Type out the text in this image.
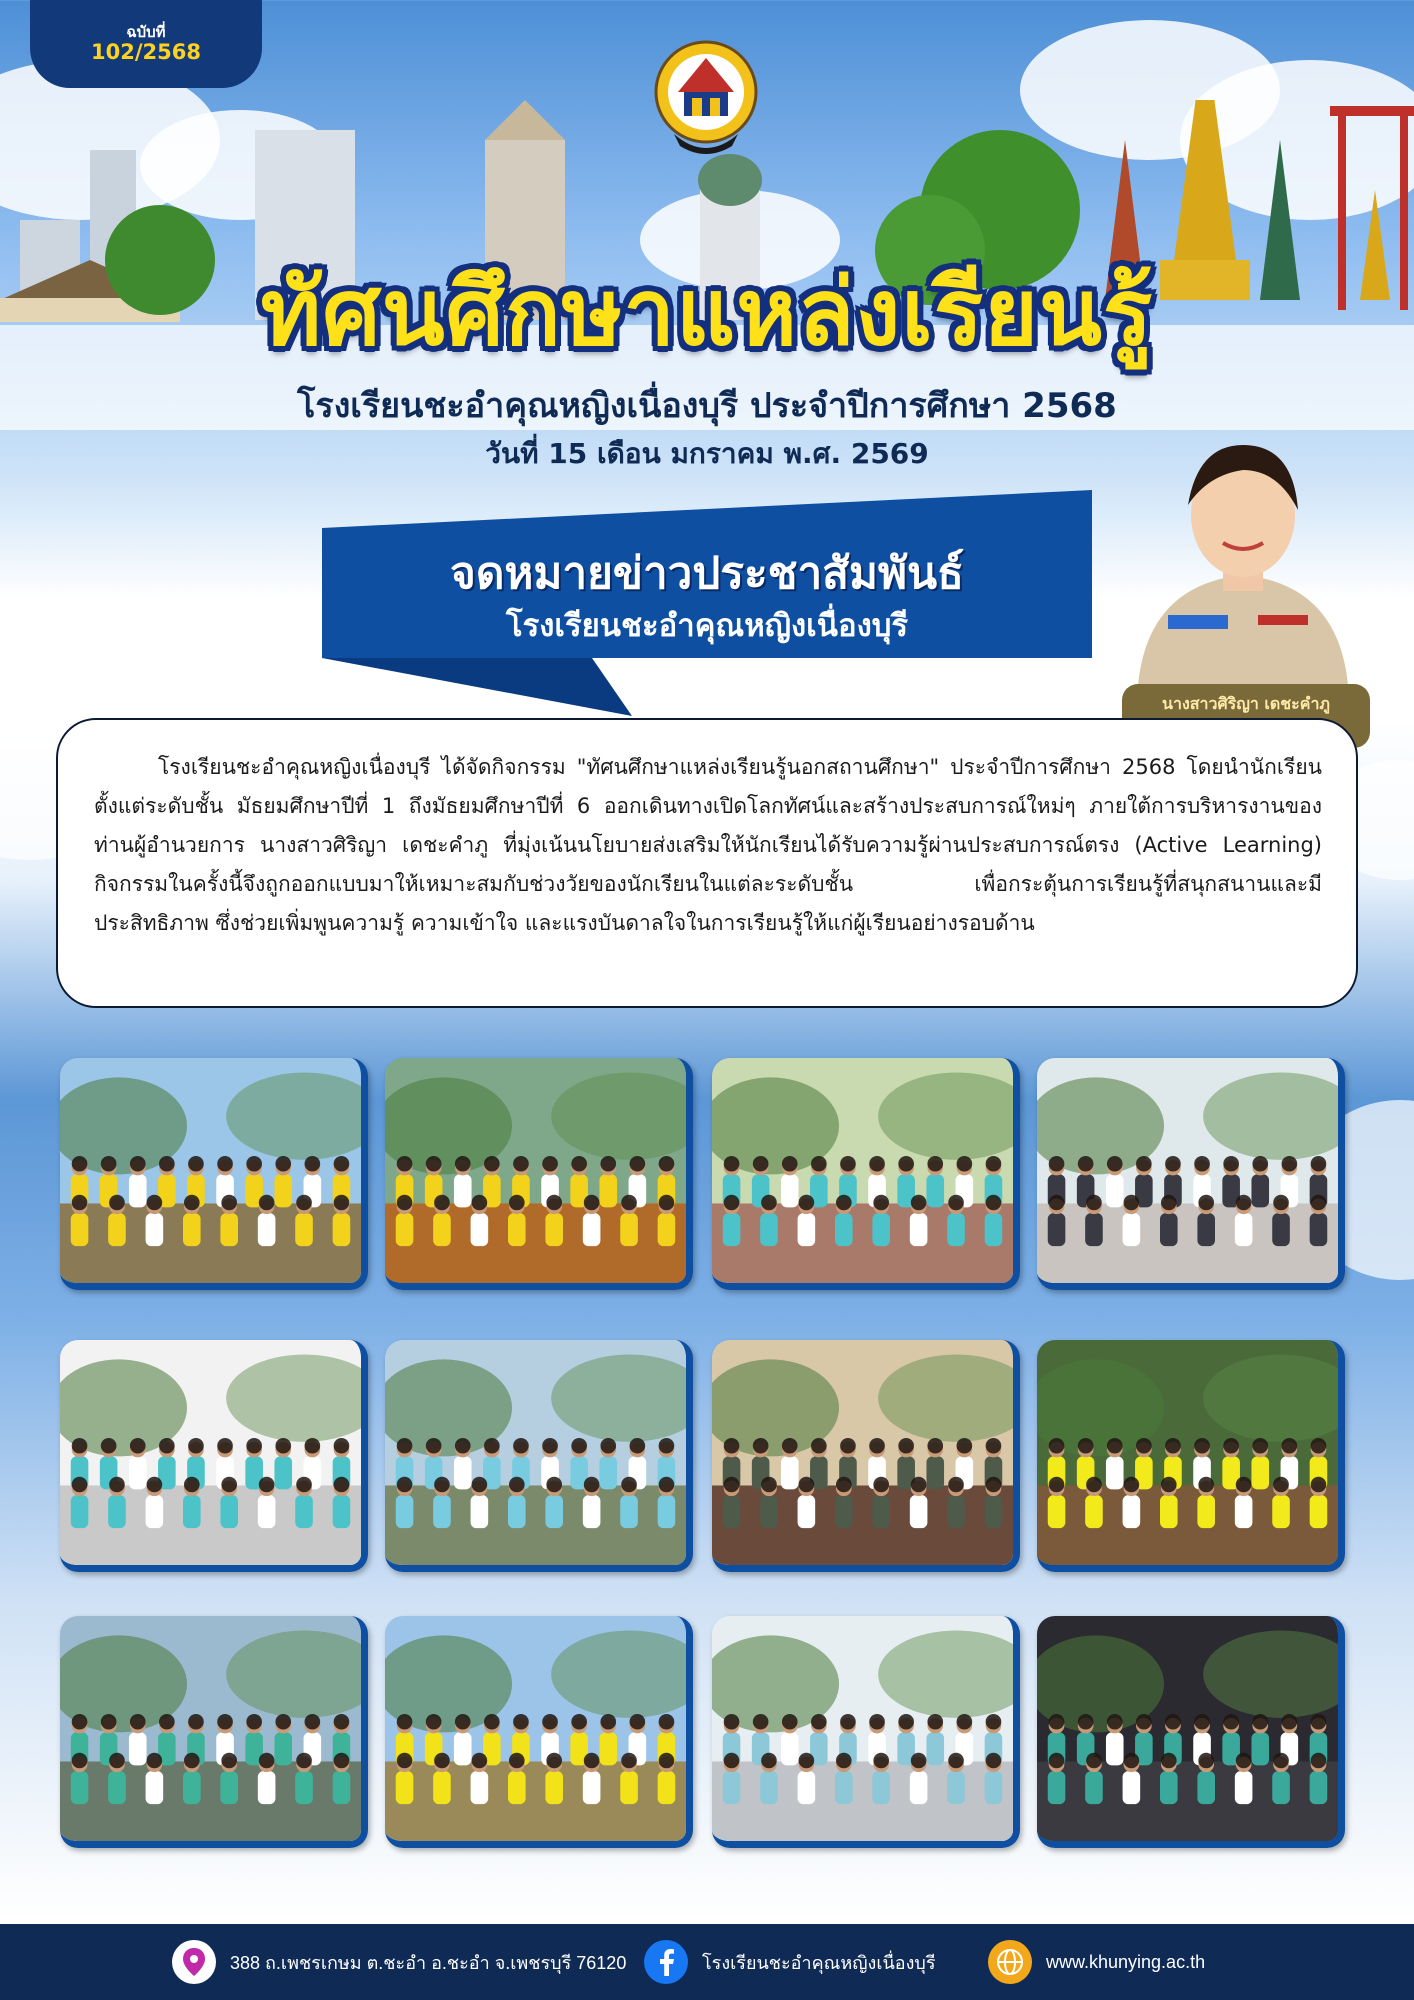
ฉบับที่
102/2568
ทัศนศึกษาแหล่งเรียนรู้
โรงเรียนชะอำคุณหญิงเนื่องบุรี ประจำปีการศึกษา 2568
วันที่ 15 เดือน มกราคม พ.ศ. 2569
จดหมายข่าวประชาสัมพันธ์
โรงเรียนชะอำคุณหญิงเนื่องบุรี
นางสาวศิริญา เดชะคำภู

โรงเรียนชะอำคุณหญิงเนื่องบุรี ได้จัดกิจกรรม "ทัศนศึกษาแหล่งเรียนรู้นอกสถานศึกษา" ประจำปีการศึกษา 2568 โดยนำนักเรียนตั้งแต่ระดับชั้น มัธยมศึกษาปีที่ 1 ถึงมัธยมศึกษาปีที่ 6 ออกเดินทางเปิดโลกทัศน์และสร้างประสบการณ์ใหม่ๆ ภายใต้การบริหารงานของ ท่านผู้อำนวยการ นางสาวศิริญา เดชะคำภู ที่มุ่งเน้นนโยบายส่งเสริมให้นักเรียนได้รับความรู้ผ่านประสบการณ์ตรง (Active Learning) กิจกรรมในครั้งนี้จึงถูกออกแบบมาให้เหมาะสมกับช่วงวัยของนักเรียนในแต่ละระดับชั้น เพื่อกระตุ้นการเรียนรู้ที่สนุกสนานและมีประสิทธิภาพ ซึ่งช่วยเพิ่มพูนความรู้ ความเข้าใจ และแรงบันดาลใจในการเรียนรู้ให้แก่ผู้เรียนอย่างรอบด้าน

388 ถ.เพชรเกษม ต.ชะอำ อ.ชะอำ จ.เพชรบุรี 76120	โรงเรียนชะอำคุณหญิงเนื่องบุรี	www.khunying.ac.th
